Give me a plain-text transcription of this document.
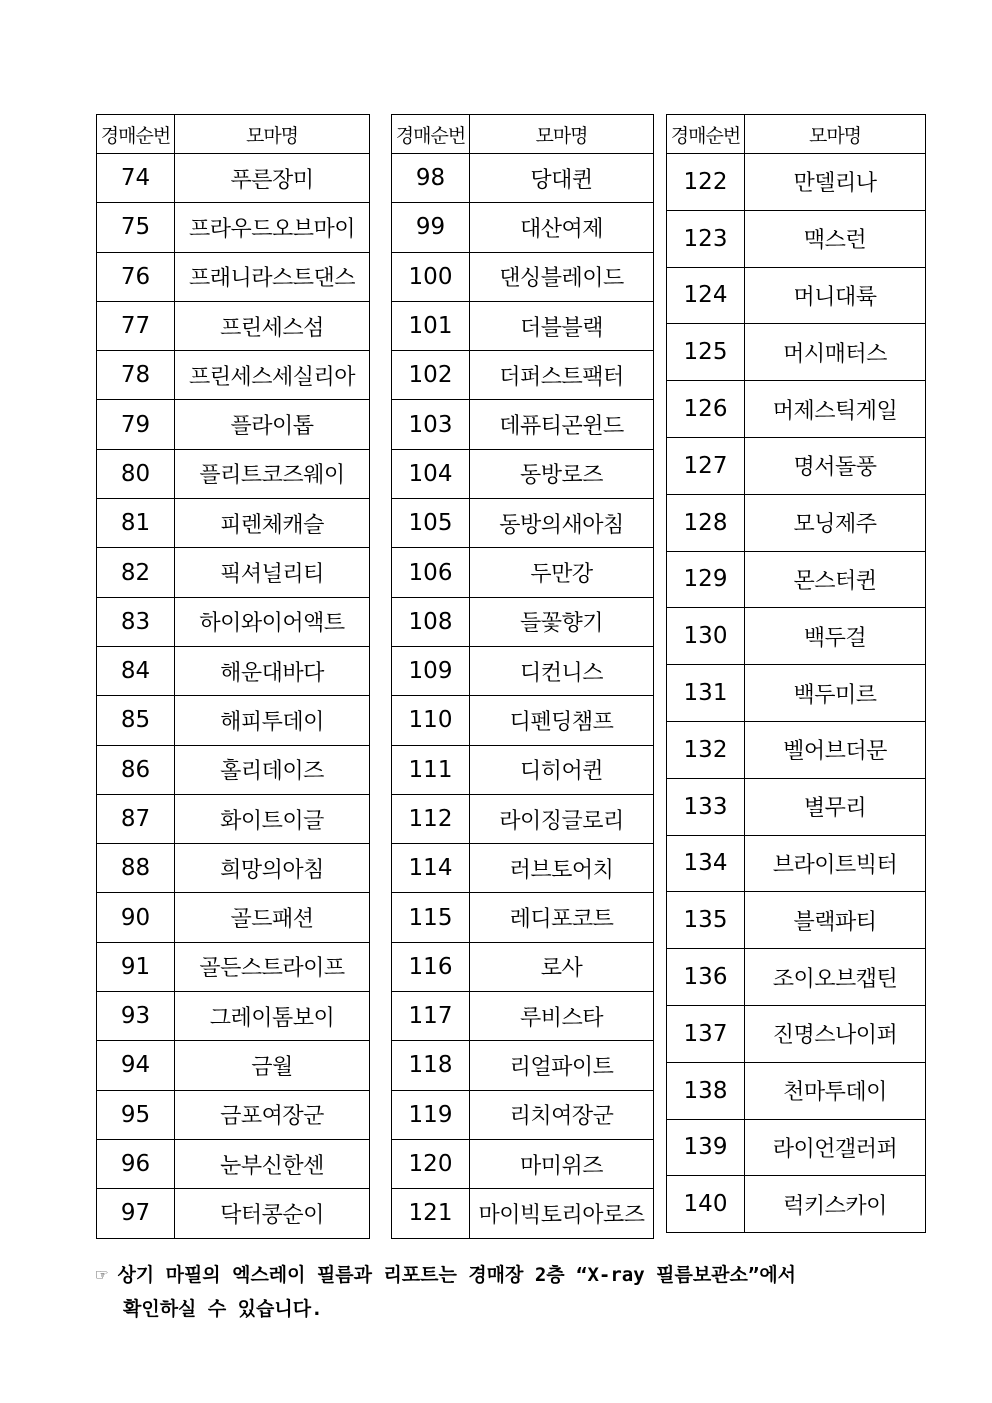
경매순번	모마명
74	푸른장미
75	프라우드오브마이
76	프래니라스트댄스
77	프린세스섬
78	프린세스세실리아
79	플라이톱
80	플리트코즈웨이
81	피렌체캐슬
82	픽셔널리티
83	하이와이어액트
84	해운대바다
85	해피투데이
86	홀리데이즈
87	화이트이글
88	희망의아침
90	골드패션
91	골든스트라이프
93	그레이톰보이
94	금월
95	금포여장군
96	눈부신한센
97	닥터콩순이
경매순번	모마명
98	당대퀸
99	대산여제
100	댄싱블레이드
101	더블블랙
102	더퍼스트팩터
103	데퓨티곤윈드
104	동방로즈
105	동방의새아침
106	두만강
108	들꽃향기
109	디컨니스
110	디펜딩챔프
111	디히어퀸
112	라이징글로리
114	러브토어치
115	레디포코트
116	로사
117	루비스타
118	리얼파이트
119	리치여장군
120	마미위즈
121	마이빅토리아로즈
경매순번	모마명
122	만델리나
123	맥스런
124	머니대륙
125	머시매터스
126	머제스틱게일
127	명서돌풍
128	모닝제주
129	몬스터퀸
130	백두걸
131	백두미르
132	벨어브더문
133	별무리
134	브라이트빅터
135	블랙파티
136	조이오브캡틴
137	진명스나이퍼
138	천마투데이
139	라이언갤러퍼
140	럭키스카이
☞ 상기 마필의 엑스레이 필름과 리포트는 경매장 2층 “X-ray 필름보관소”에서
확인하실 수 있습니다.
